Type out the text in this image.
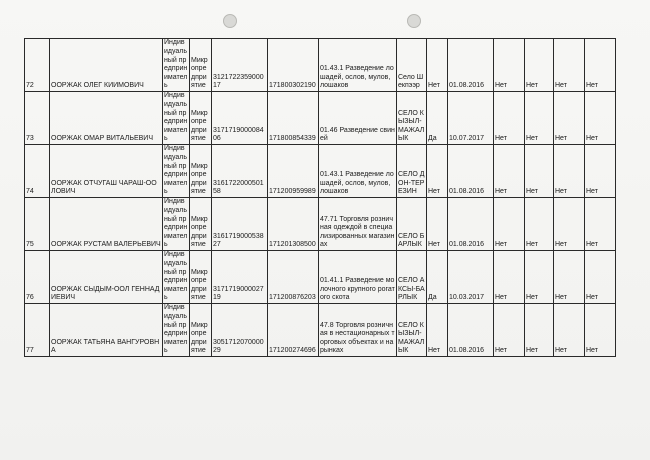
72	ООРЖАК ОЛЕГ КИИМОВИЧ	Индивидуальный предприниматель	Микропредприятие	312172235900017	171800302190	01.43.1 Разведение лошадей, ослов, мулов, лошаков	Село Шекпээр	Нет	01.08.2016	Нет	Нет	Нет	Нет
73	ООРЖАК ОМАР ВИТАЛЬЕВИЧ	Индивидуальный предприниматель	Микропредприятие	317171900008406	171800854339	01.46 Разведение свиней	СЕЛО КЫЗЫЛ-МАЖАЛЫК	Да	10.07.2017	Нет	Нет	Нет	Нет
74	ООРЖАК ОТЧУГАШ ЧАРАШ-ООЛОВИЧ	Индивидуальный предприниматель	Микропредприятие	316172200050158	171200959989	01.43.1 Разведение лошадей, ослов, мулов, лошаков	СЕЛО ДОН-ТЕРЕЗИН	Нет	01.08.2016	Нет	Нет	Нет	Нет
75	ООРЖАК РУСТАМ ВАЛЕРЬЕВИЧ	Индивидуальный предприниматель	Микропредприятие	316171900053827	171201308500	47.71 Торговля розничная одеждой в специализированных магазинах	СЕЛО БАРЛЫК	Нет	01.08.2016	Нет	Нет	Нет	Нет
76	ООРЖАК СЫДЫМ-ООЛ ГЕННАДИЕВИЧ	Индивидуальный предприниматель	Микропредприятие	317171900002719	171200876203	01.41.1 Разведение молочного крупного рогатого скота	СЕЛО АКСЫ-БАРЛЫК	Да	10.03.2017	Нет	Нет	Нет	Нет
77	ООРЖАК ТАТЬЯНА ВАНГУРОВНА	Индивидуальный предприниматель	Микропредприятие	305171207000029	171200274696	47.8 Торговля розничная в нестационарных торговых объектах и на рынках	СЕЛО КЫЗЫЛ-МАЖАЛЫК	Нет	01.08.2016	Нет	Нет	Нет	Нет
